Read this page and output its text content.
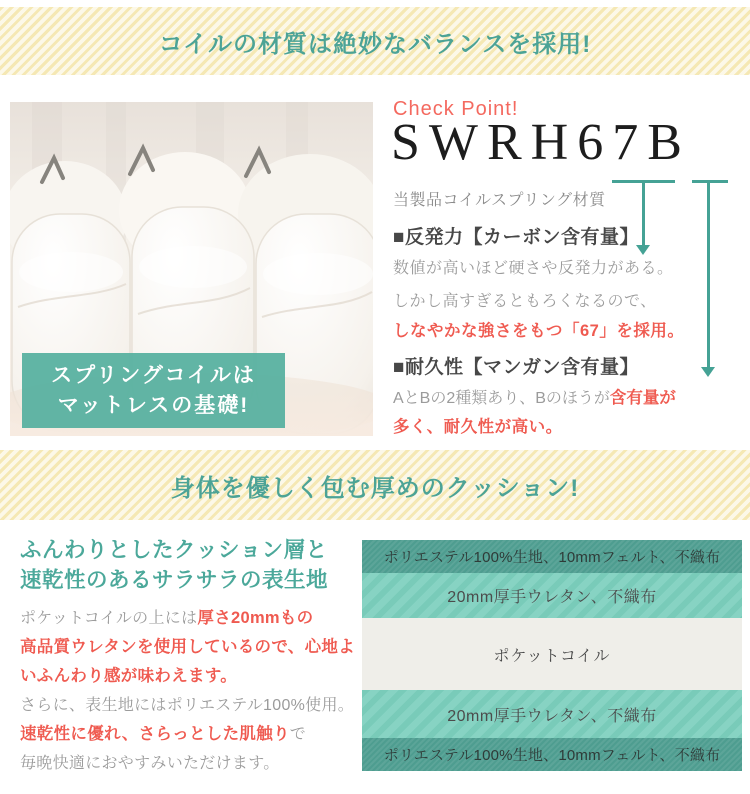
コイルの材質は絶妙なバランスを採用!
スプリングコイルは
マットレスの基礎!
Check Point!
SWRH67B
当製品コイルスプリング材質
■反発力【カーボン含有量】
数値が高いほど硬さや反発力がある。
しかし高すぎるともろくなるので、
しなやかな強さをもつ「67」を採用。
■耐久性【マンガン含有量】
AとBの2種類あり、Bのほうが含有量が
多く、耐久性が高い。
身体を優しく包む厚めのクッション!
ふんわりとしたクッション層と
速乾性のあるサラサラの表生地
ポケットコイルの上には厚さ20mmもの
高品質ウレタンを使用しているので、心地よ
いふんわり感が味わえます。
さらに、表生地にはポリエステル100%使用。
速乾性に優れ、さらっとした肌触りで
毎晩快適におやすみいただけます。
ポリエステル100%生地、10mmフェルト、不織布
20mm厚手ウレタン、不織布
ポケットコイル
20mm厚手ウレタン、不織布
ポリエステル100%生地、10mmフェルト、不織布
